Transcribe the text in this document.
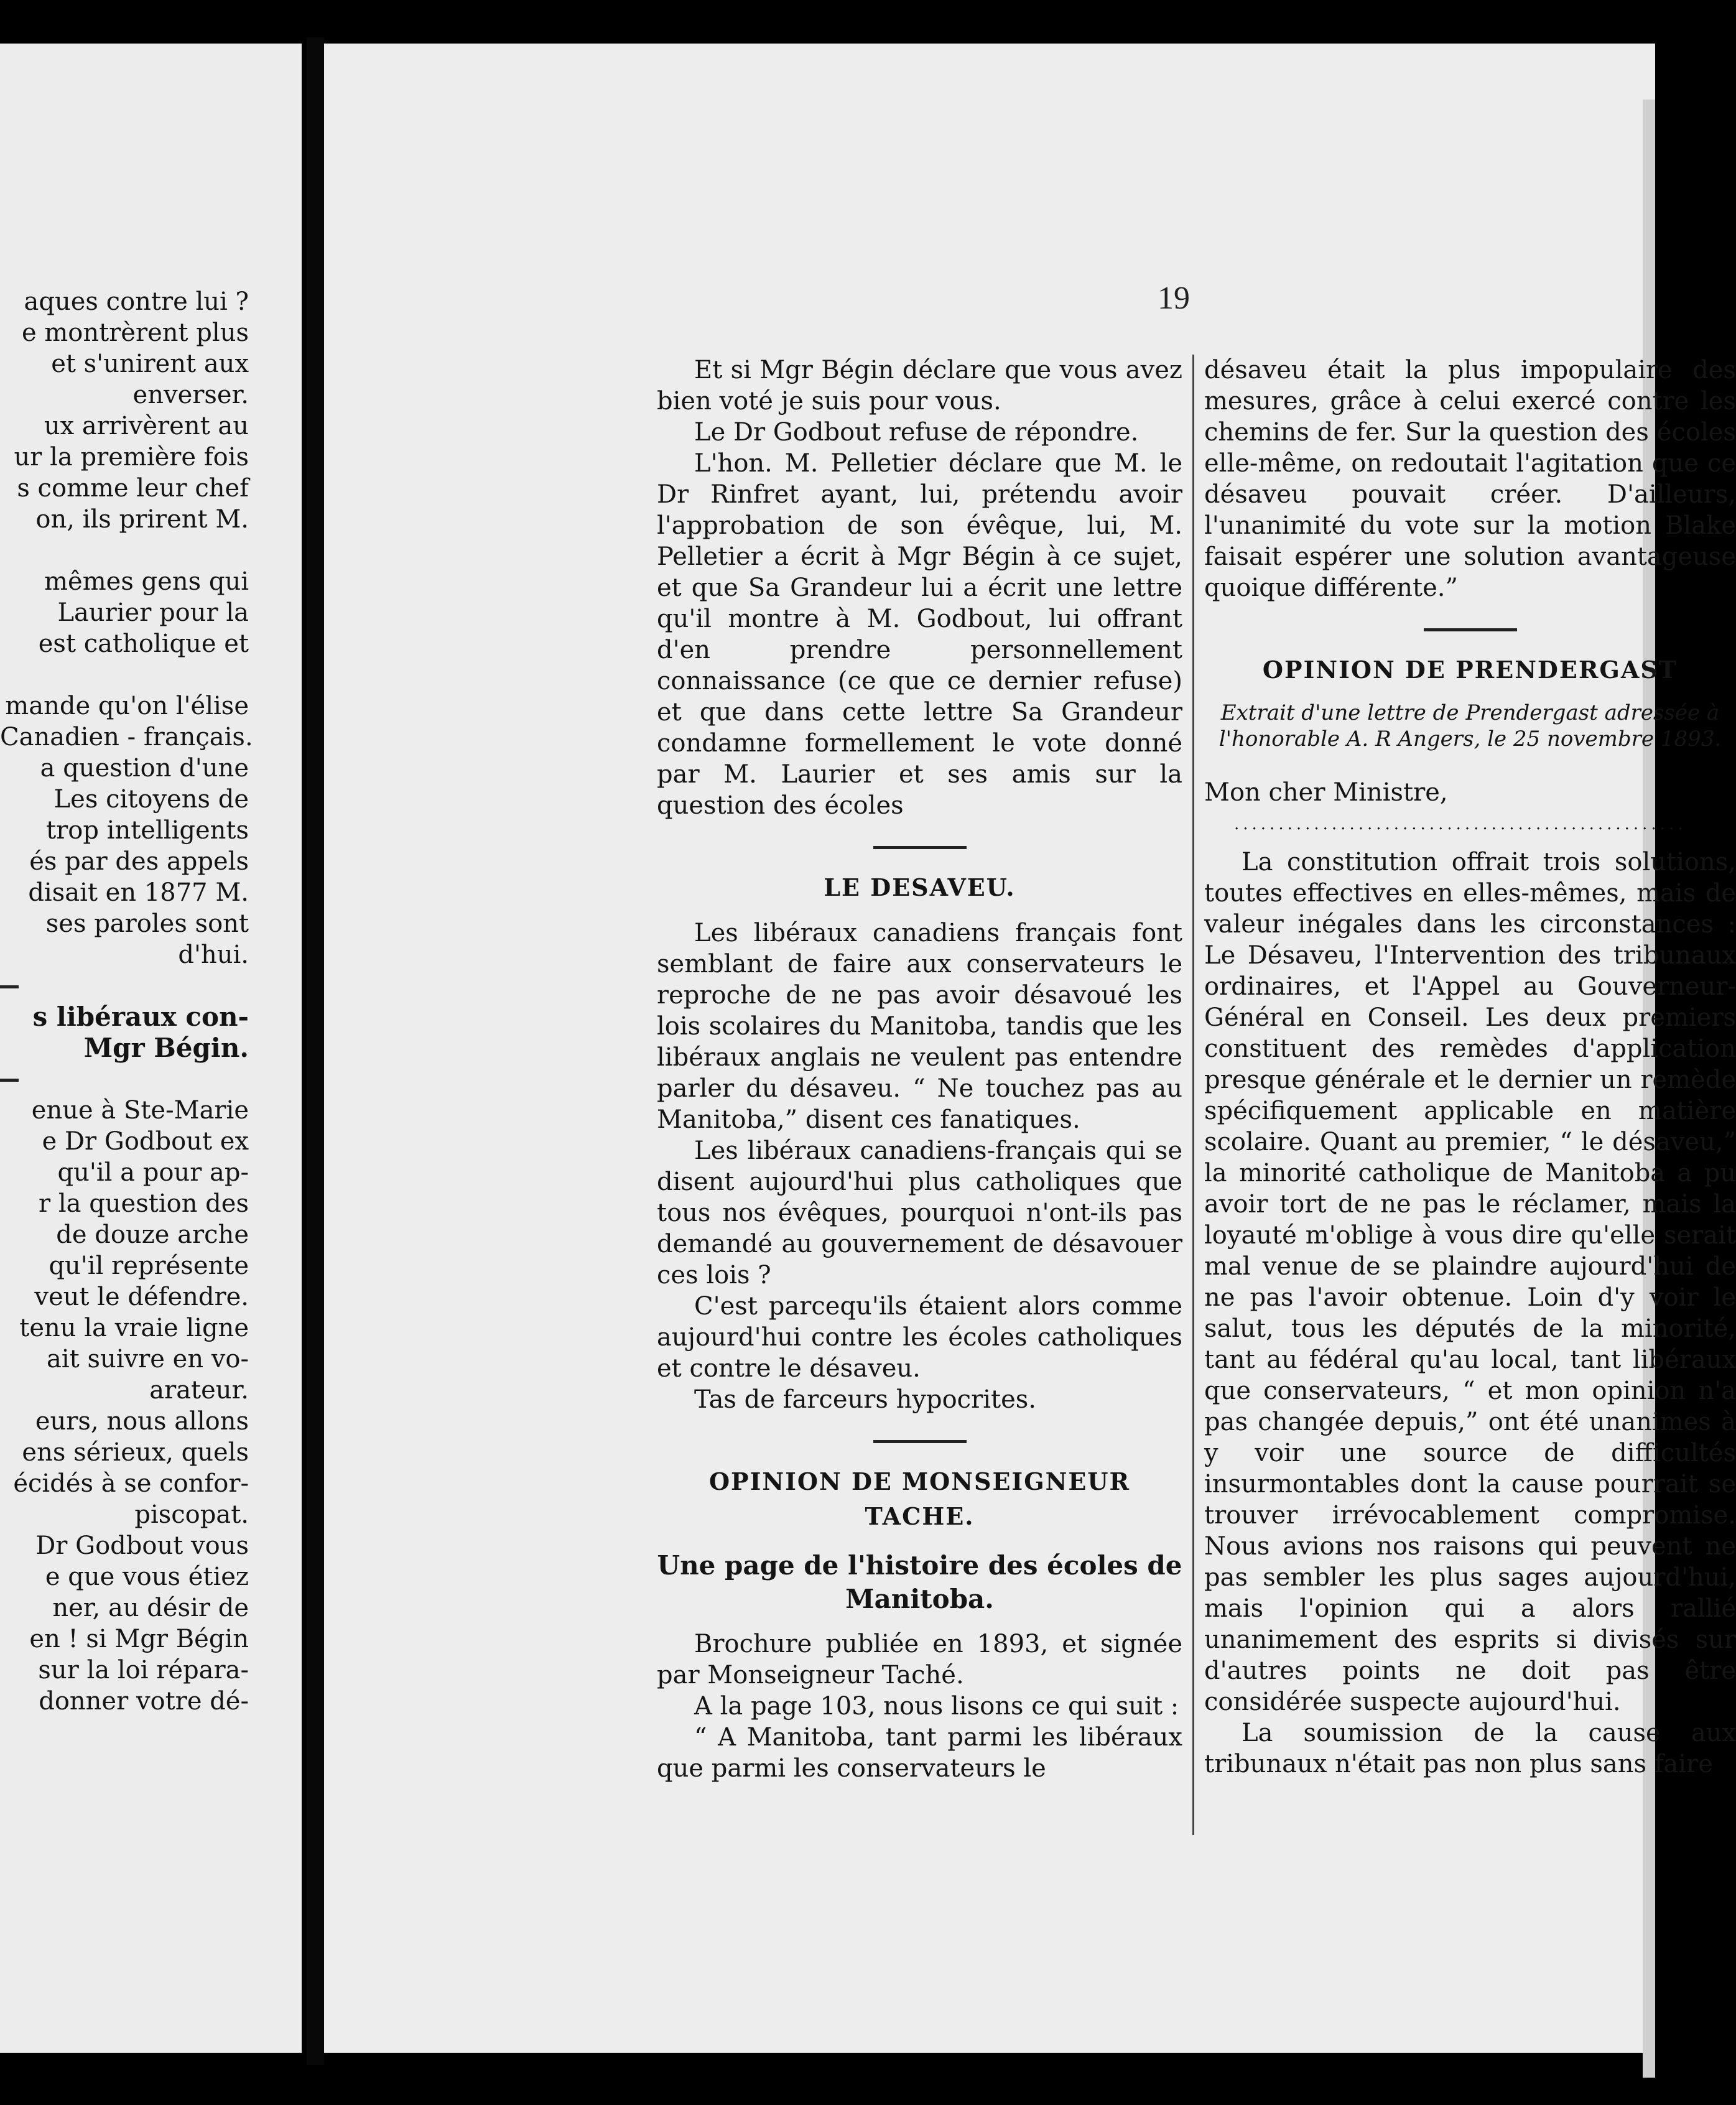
aques contre lui ?
e montrèrent plus
et s'unirent aux
enverser.
ux arrivèrent au
ur la première fois
s comme leur chef
on, ils prirent M.
mêmes gens qui
Laurier pour la
est catholique et
mande qu'on l'élise
Canadien - français.
a question d'une
Les citoyens de
trop intelligents
és par des appels
disait en 1877 M.
ses paroles sont
d'hui.
s libéraux con-
Mgr Bégin.
enue à Ste-Marie
e Dr Godbout ex
qu'il a pour ap-
r la question des
de douze arche
qu'il représente
veut le défendre.
tenu la vraie ligne
ait suivre en vo-
arateur.
eurs, nous allons
ens sérieux, quels
écidés à se confor-
piscopat.
Dr Godbout vous
e que vous étiez
ner, au désir de
en ! si Mgr Bégin
sur la loi répara-
donner votre dé-
19

Et si Mgr Bégin déclare que vous avez bien voté je suis pour vous.

Le Dr Godbout refuse de répondre.

L'hon. M. Pelletier déclare que M. le Dr Rinfret ayant, lui, prétendu avoir l'approbation de son évêque, lui, M. Pelletier a écrit à Mgr Bégin à ce sujet, et que Sa Grandeur lui a écrit une lettre qu'il montre à M. Godbout, lui offrant d'en prendre personnellement connaissance (ce que ce dernier refuse) et que dans cette lettre Sa Grandeur condamne formellement le vote donné par M. Laurier et ses amis sur la question des écoles

LE DESAVEU.

Les libéraux canadiens français font semblant de faire aux conservateurs le reproche de ne pas avoir désavoué les lois scolaires du Manitoba, tandis que les libéraux anglais ne veulent pas entendre parler du désaveu. “ Ne touchez pas au Manitoba,” disent ces fanatiques.

Les libéraux canadiens-français qui se disent aujourd'hui plus catholiques que tous nos évêques, pourquoi n'ont-ils pas demandé au gouvernement de désavouer ces lois ?

C'est parcequ'ils étaient alors comme aujourd'hui contre les écoles catholiques et contre le désaveu.

Tas de farceurs hypocrites.

OPINION DE MONSEIGNEUR TACHE.
Une page de l'histoire des écoles de Manitoba.

Brochure publiée en 1893, et signée par Monseigneur Taché.

A la page 103, nous lisons ce qui suit :

“ A Manitoba, tant parmi les libéraux que parmi les conservateurs le

désaveu était la plus impopulaire des mesures, grâce à celui exercé contre les chemins de fer. Sur la question des écoles elle-même, on redoutait l'agitation que ce désaveu pouvait créer. D'ailleurs, l'unanimité du vote sur la motion Blake faisait espérer une solution avantageuse quoique différente.”

OPINION DE PRENDERGAST
Extrait d'une lettre de Prendergast adressée à l'honorable A. R Angers, le 25 novembre 1893.

Mon cher Ministre,

...................................................

La constitution offrait trois solutions, toutes effectives en elles-mêmes, mais de valeur inégales dans les circonstances : Le Désaveu, l'Intervention des tribunaux ordinaires, et l'Appel au Gouverneur-Général en Conseil. Les deux premiers constituent des remèdes d'application presque générale et le dernier un remède spécifiquement applicable en matière scolaire. Quant au premier, “ le désaveu,” la minorité catholique de Manitoba a pu avoir tort de ne pas le réclamer, mais la loyauté m'oblige à vous dire qu'elle serait mal venue de se plaindre aujourd'hui de ne pas l'avoir obtenue. Loin d'y voir le salut, tous les députés de la minorité, tant au fédéral qu'au local, tant libéraux que conservateurs, “ et mon opinion n'a pas changée depuis,” ont été unanimes à y voir une source de difficultés insurmontables dont la cause pourrait se trouver irrévocablement compromise. Nous avions nos raisons qui peuvent ne pas sembler les plus sages aujourd'hui, mais l'opinion qui a alors rallié unanimement des esprits si divisés sur d'autres points ne doit pas être considérée suspecte aujourd'hui.

La soumission de la cause aux tribunaux n'était pas non plus sans faire
